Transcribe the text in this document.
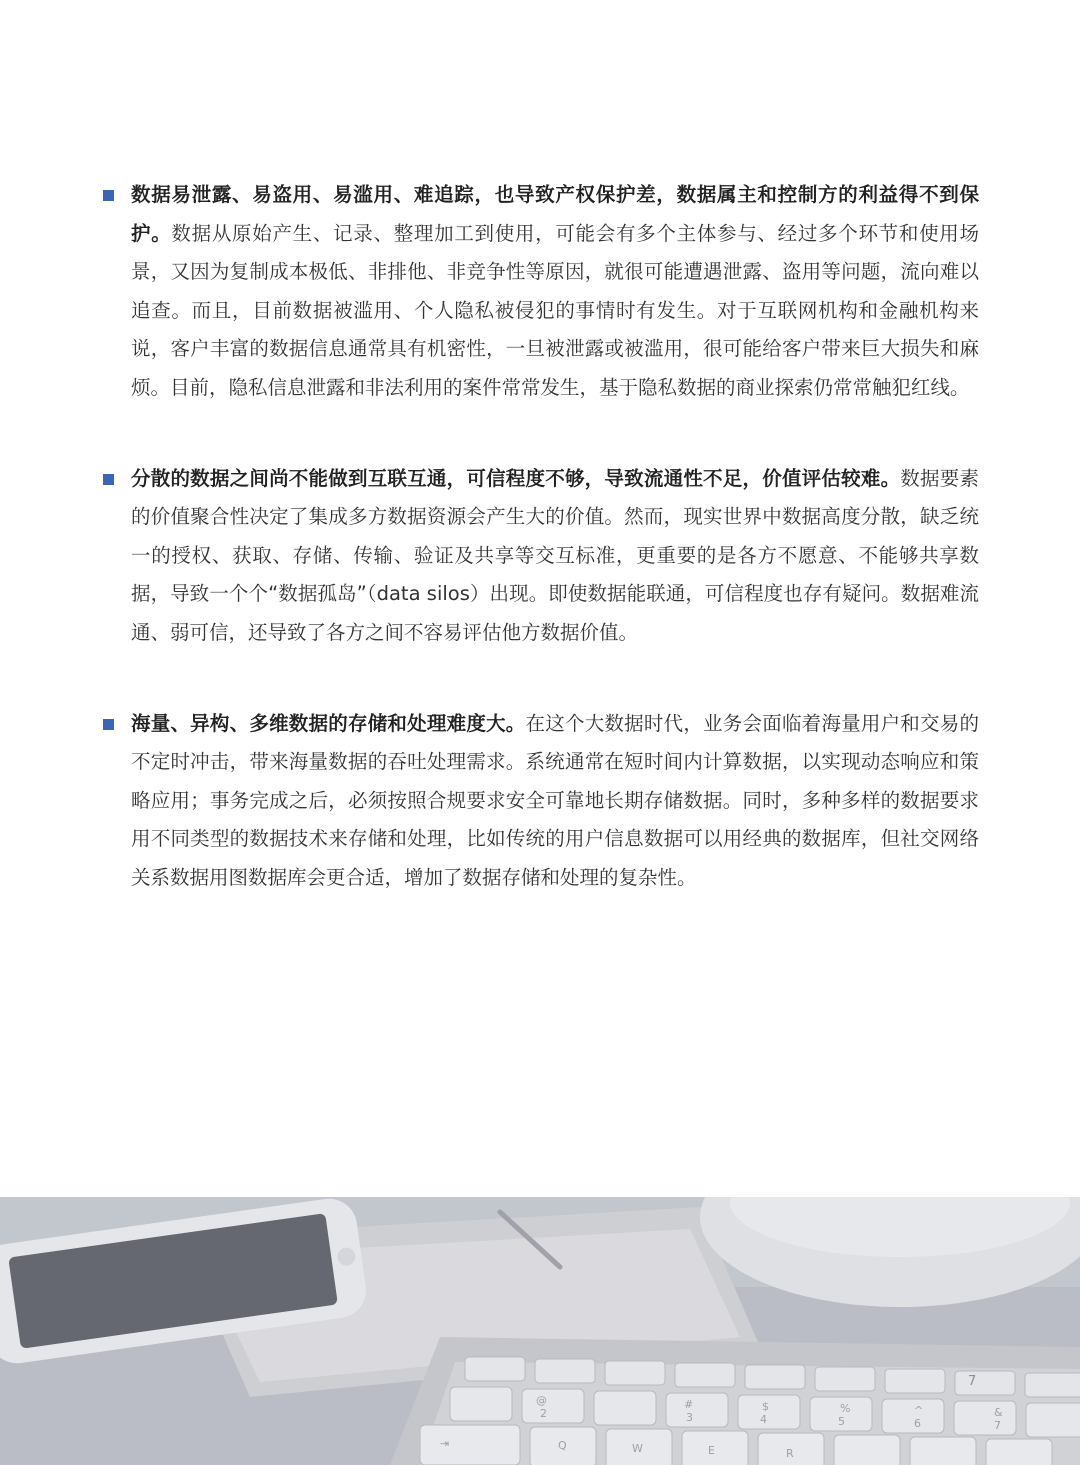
数据易泄露、易盗用、易滥用、难追踪，也导致产权保护差，数据属主和控制方的利益得不到保护。数据从原始产生、记录、整理加工到使用，可能会有多个主体参与、经过多个环节和使用场景，又因为复制成本极低、非排他、非竞争性等原因，就很可能遭遇泄露、盗用等问题，流向难以追查。而且，目前数据被滥用、个人隐私被侵犯的事情时有发生。对于互联网机构和金融机构来说，客户丰富的数据信息通常具有机密性，一旦被泄露或被滥用，很可能给客户带来巨大损失和麻烦。目前，隐私信息泄露和非法利用的案件常常发生，基于隐私数据的商业探索仍常常触犯红线。
分散的数据之间尚不能做到互联互通，可信程度不够，导致流通性不足，价值评估较难。数据要素的价值聚合性决定了集成多方数据资源会产生大的价值。然而，现实世界中数据高度分散，缺乏统一的授权、获取、存储、传输、验证及共享等交互标准，更重要的是各方不愿意、不能够共享数据，导致一个个“数据孤岛”（data silos）出现。即使数据能联通，可信程度也存有疑问。数据难流通、弱可信，还导致了各方之间不容易评估他方数据价值。
海量、异构、多维数据的存储和处理难度大。在这个大数据时代，业务会面临着海量用户和交易的不定时冲击，带来海量数据的吞吐处理需求。系统通常在短时间内计算数据，以实现动态响应和策略应用；事务完成之后，必须按照合规要求安全可靠地长期存储数据。同时，多种多样的数据要求用不同类型的数据技术来存储和处理，比如传统的用户信息数据可以用经典的数据库，但社交网络关系数据用图数据库会更合适，增加了数据存储和处理的复杂性。
@
2
#
3
$
4
%
5
^
6
&
7
⇥	Q	W	E	R
7
